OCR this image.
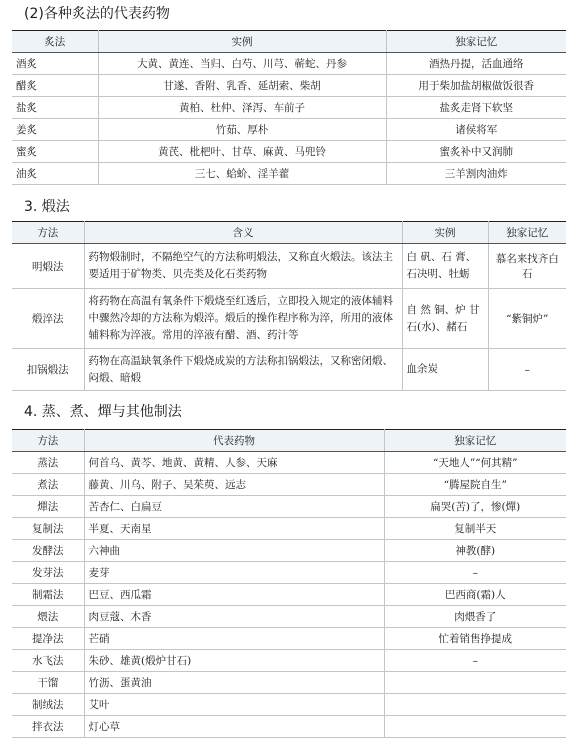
(2)各种炙法的代表药物
炙法	实例	独家记忆
酒炙	大黄、黄连、当归、白芍、川芎、蕲蛇、丹参	酒热丹提，活血通络
醋炙	甘遂、香附、乳香、延胡索、柴胡	用于柴加盐胡椒做饭很香
盐炙	黄柏、杜仲、泽泻、车前子	盐炙走肾下软坚
姜炙	竹茹、厚朴	诸侯将军
蜜炙	黄芪、枇杷叶、甘草、麻黄、马兜铃	蜜炙补中又润肺
油炙	三七、蛤蚧、淫羊藿	三羊割肉油炸
3. 煅法
方法	含义	实例	独家记忆
明煅法	药物煅制时，不隔绝空气的方法称明煅法，又称直火煅法。该法主要适用于矿物类、贝壳类及化石类药物	白 矾、石 膏、石决明、牡蛎	慕名来找齐白石
煅淬法	将药物在高温有氧条件下煅烧至红透后，立即投入规定的液体辅料中骤然冷却的方法称为煅淬。煅后的操作程序称为淬，所用的液体辅料称为淬液。常用的淬液有醋、酒、药汁等	自 然 铜、炉 甘石(水)、赭石	“紫铜炉”
扣锅煅法	药物在高温缺氧条件下煅烧成炭的方法称扣锅煅法，又称密闭煅、闷煅、暗煅	血余炭	–
4. 蒸、煮、燀与其他制法
方法	代表药物	独家记忆
蒸法	何首乌、黄芩、地黄、黄精、人参、天麻	“天地人”“何其精”
煮法	藤黄、川乌、附子、吴茱萸、远志	“腾屋院自生”
燀法	苦杏仁、白扁豆	扁哭(苦)了，惨(燀)
复制法	半夏、天南星	复制半天
发酵法	六神曲	神教(酵)
发芽法	麦芽	–
制霜法	巴豆、西瓜霜	巴西商(霜)人
煨法	肉豆蔻、木香	肉煨香了
提净法	芒硝	忙着销售挣提成
水飞法	朱砂、雄黄(煅炉甘石)	–
干馏	竹沥、蛋黄油	
制绒法	艾叶	
拌衣法	灯心草	
